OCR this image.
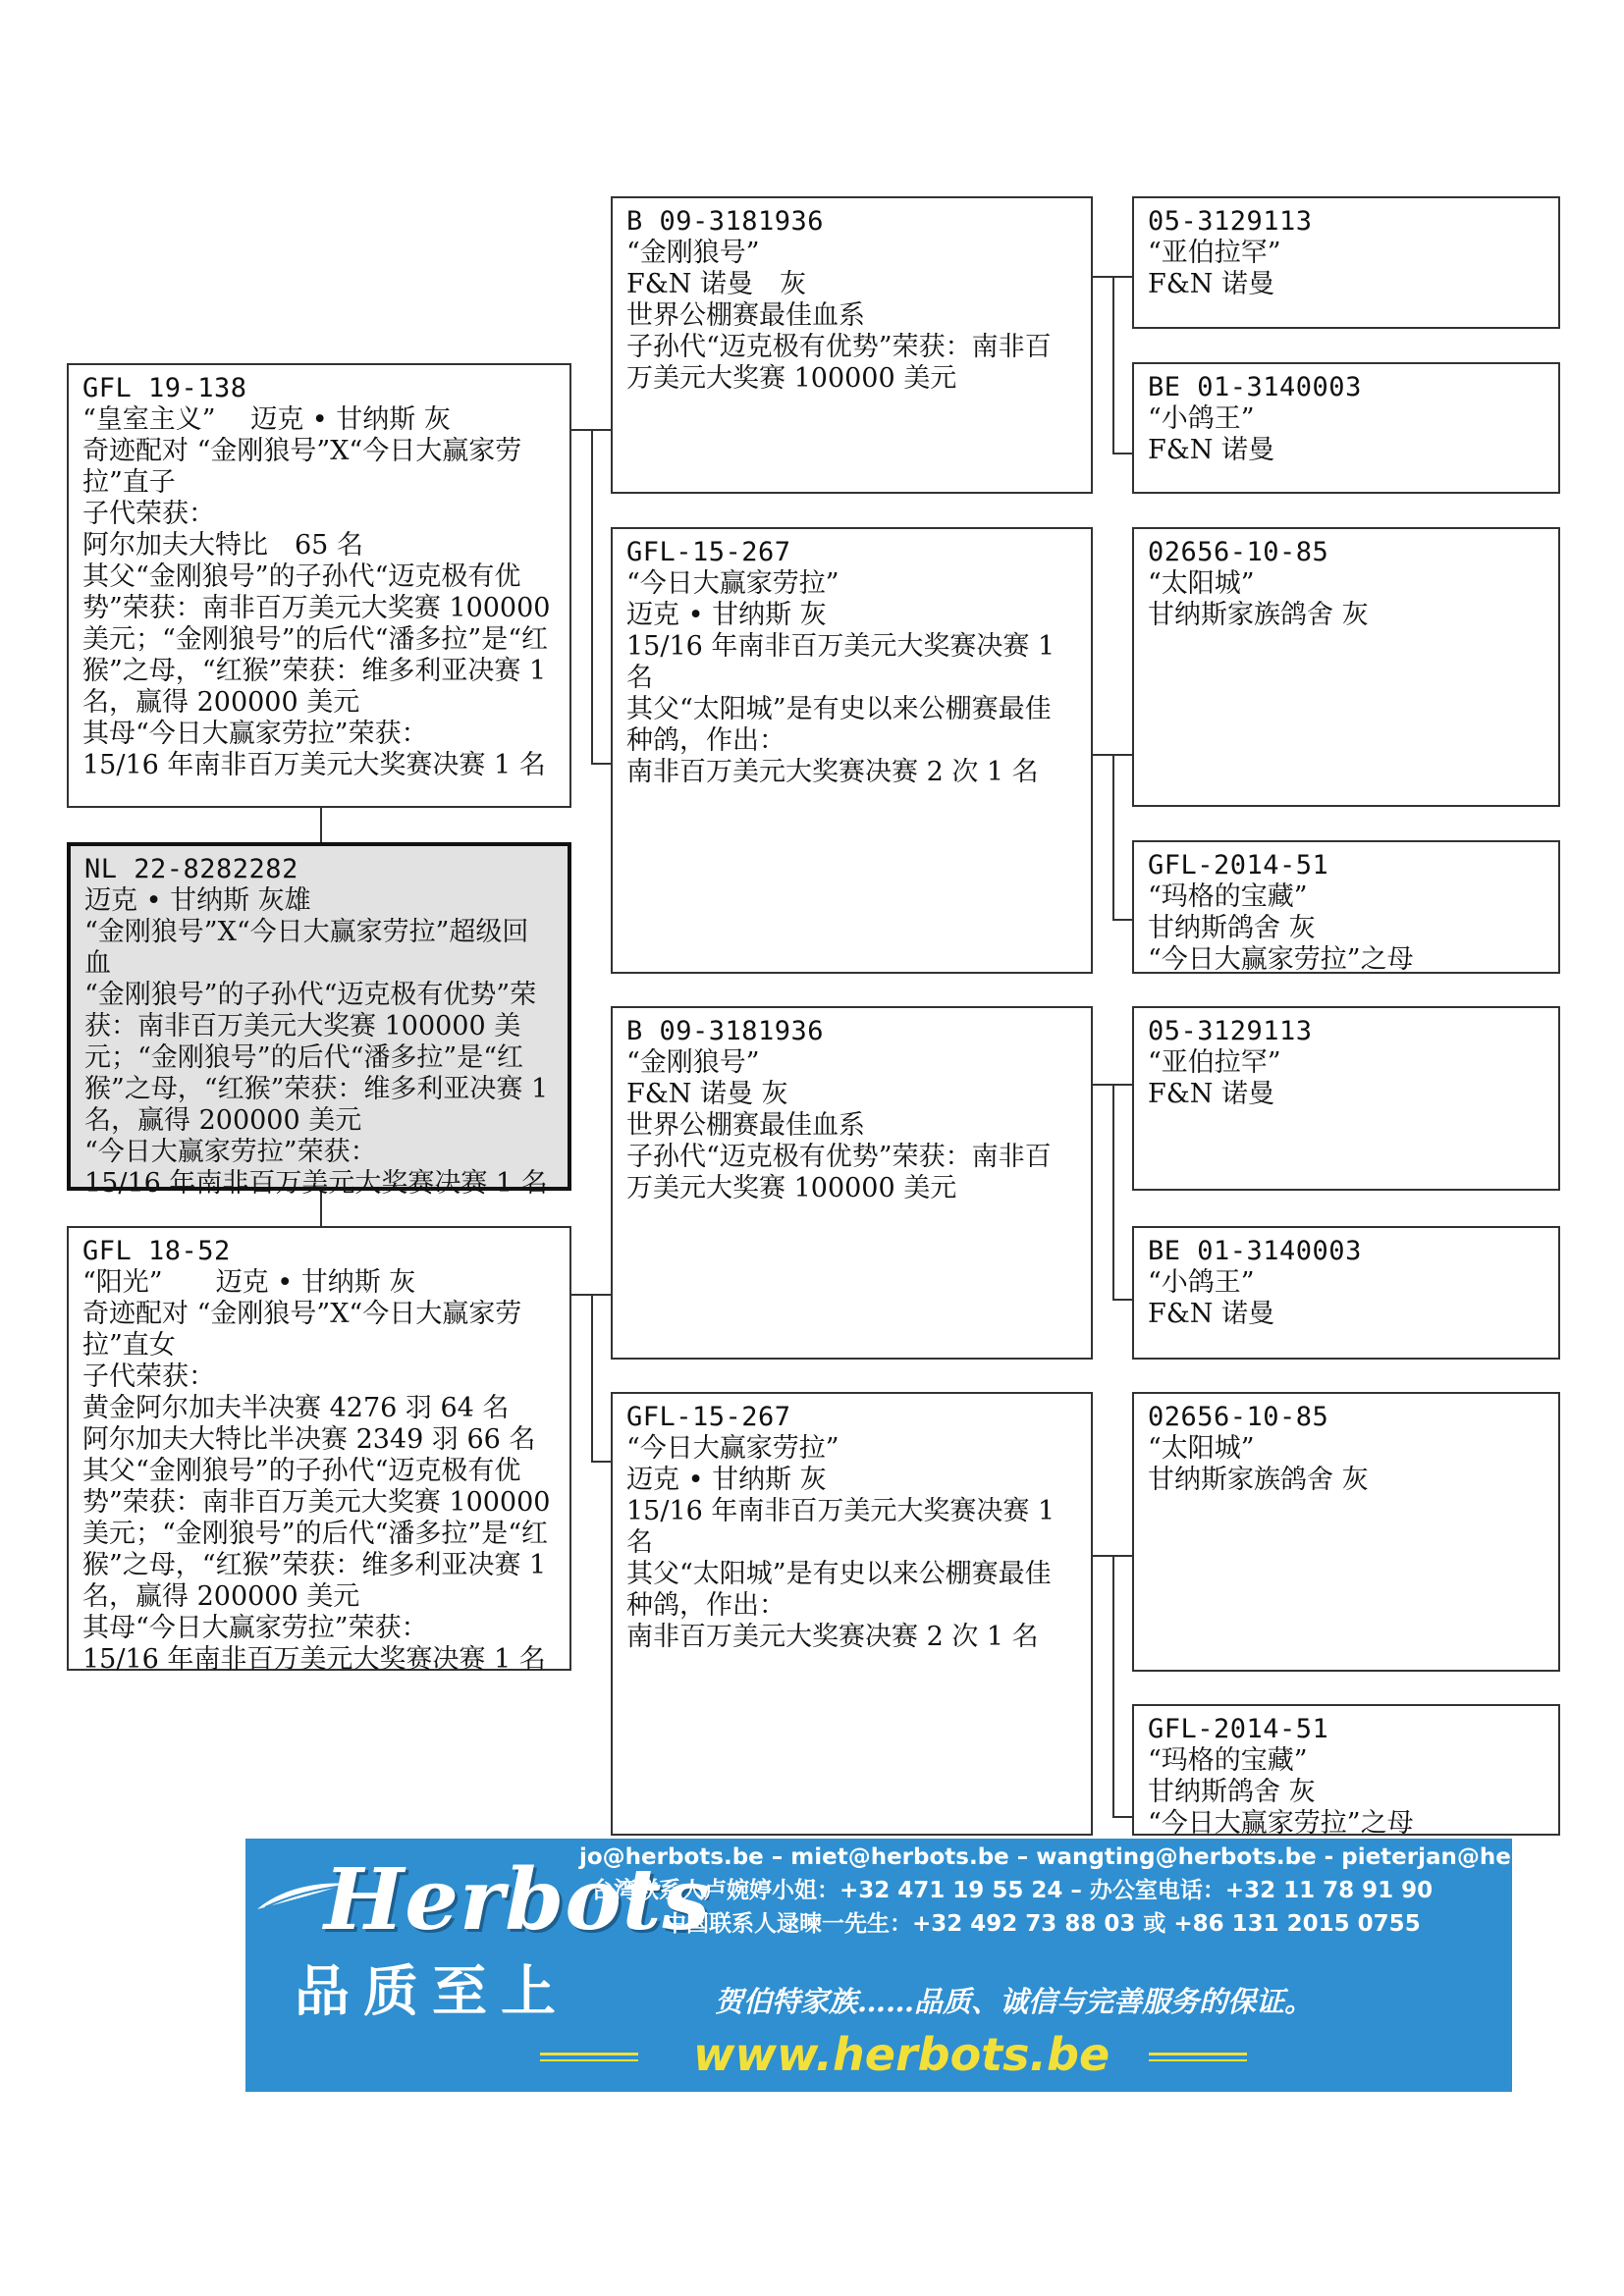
GFL 19-138
“皇室主义”　 迈克 • 甘纳斯 灰
奇迹配对 “金刚狼号”X“今日大赢家劳拉”直子
子代荣获：
阿尔加夫大特比　65 名
其父“金刚狼号”的子孙代“迈克极有优势”荣获：南非百万美元大奖赛 100000 美元；“金刚狼号”的后代“潘多拉”是“红猴”之母，“红猴”荣获：维多利亚决赛 1 名，赢得 200000 美元
其母“今日大赢家劳拉”荣获：
15/16 年南非百万美元大奖赛决赛 1 名
NL 22-8282282
迈克 • 甘纳斯 灰雄
“金刚狼号”X“今日大赢家劳拉”超级回血
“金刚狼号”的子孙代“迈克极有优势”荣获：南非百万美元大奖赛 100000 美元；“金刚狼号”的后代“潘多拉”是“红猴”之母，“红猴”荣获：维多利亚决赛 1 名，赢得 200000 美元
“今日大赢家劳拉”荣获：
15/16 年南非百万美元大奖赛决赛 1 名
GFL 18-52
“阳光”　　迈克 • 甘纳斯 灰
奇迹配对 “金刚狼号”X“今日大赢家劳拉”直女
子代荣获：
黄金阿尔加夫半决赛 4276 羽 64 名
阿尔加夫大特比半决赛 2349 羽 66 名
其父“金刚狼号”的子孙代“迈克极有优势”荣获：南非百万美元大奖赛 100000 美元；“金刚狼号”的后代“潘多拉”是“红猴”之母，“红猴”荣获：维多利亚决赛 1 名，赢得 200000 美元
其母“今日大赢家劳拉”荣获：
15/16 年南非百万美元大奖赛决赛 1 名
B 09-3181936
“金刚狼号”
F&N 诺曼　灰
世界公棚赛最佳血系
子孙代“迈克极有优势”荣获：南非百万美元大奖赛 100000 美元
GFL-15-267
“今日大赢家劳拉”
迈克 • 甘纳斯 灰
15/16 年南非百万美元大奖赛决赛 1 名
其父“太阳城”是有史以来公棚赛最佳种鸽，作出：
南非百万美元大奖赛决赛 2 次 1 名
B 09-3181936
“金刚狼号”
F&N 诺曼 灰
世界公棚赛最佳血系
子孙代“迈克极有优势”荣获：南非百万美元大奖赛 100000 美元
GFL-15-267
“今日大赢家劳拉”
迈克 • 甘纳斯 灰
15/16 年南非百万美元大奖赛决赛 1 名
其父“太阳城”是有史以来公棚赛最佳种鸽，作出：
南非百万美元大奖赛决赛 2 次 1 名
05-3129113
“亚伯拉罕”
F&N 诺曼
BE 01-3140003
“小鸽王”
F&N 诺曼
02656-10-85
“太阳城”
甘纳斯家族鸽舍 灰
GFL-2014-51
“玛格的宝藏”
甘纳斯鸽舍 灰
“今日大赢家劳拉”之母
05-3129113
“亚伯拉罕”
F&N 诺曼
BE 01-3140003
“小鸽王”
F&N 诺曼
02656-10-85
“太阳城”
甘纳斯家族鸽舍 灰
GFL-2014-51
“玛格的宝藏”
甘纳斯鸽舍 灰
“今日大赢家劳拉”之母
Herbots
品质至上
jo@herbots.be – miet@herbots.be – wangting@herbots.be - pieterjan@herbots.be
台湾联系人卢婉婷小姐：+32 471 19 55 24 – 办公室电话：+32 11 78 91 90
中国联系人逯暕一先生：+32 492 73 88 03 或 +86 131 2015 0755
贺伯特家族……品质、诚信与完善服务的保证。
www.herbots.be
